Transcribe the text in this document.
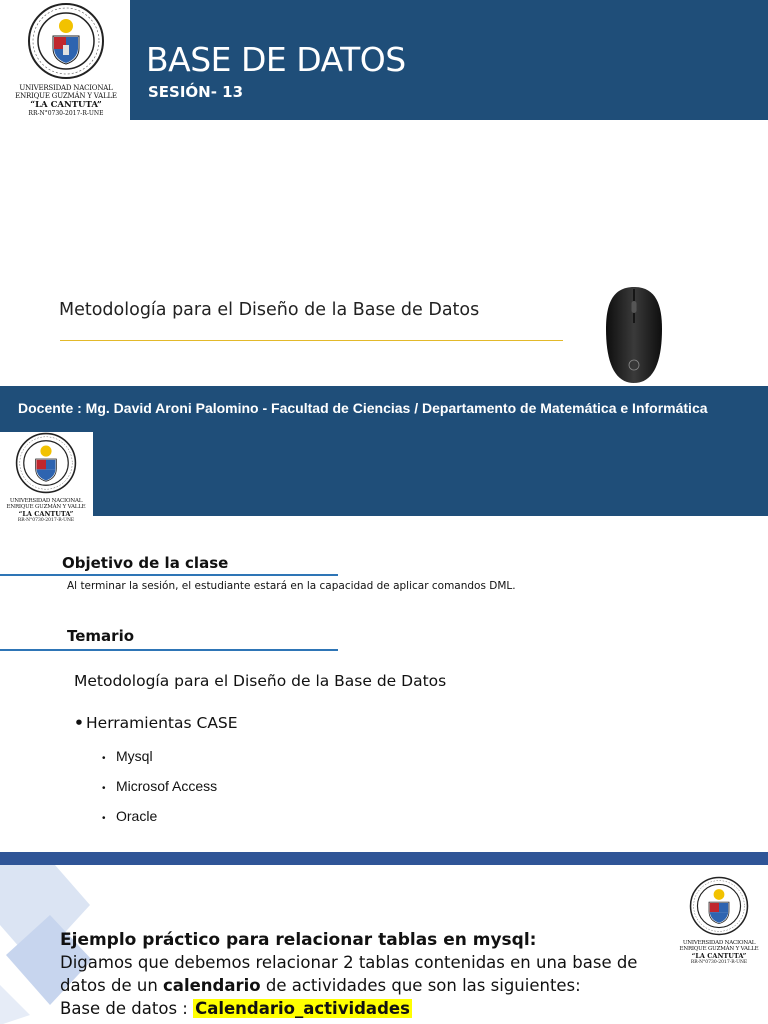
UNIVERSIDAD NACIONAL
ENRIQUE GUZMÁN Y VALLE
“LA CANTUTA”
RR-N°0730-2017-R-UNE
BASE DE DATOS
SESIÓN- 13
Metodología para el Diseño de la Base de Datos
Docente : Mg. David Aroni Palomino - Facultad de Ciencias / Departamento de Matemática e Informática
UNIVERSIDAD NACIONAL
ENRIQUE GUZMÁN Y VALLE
“LA CANTUTA”
RR-N°0730-2017-R-UNE
Objetivo de la clase
Al terminar la sesión, el estudiante estará en la capacidad de aplicar comandos DML.
Temario
Metodología para el Diseño de la Base de Datos
• Herramientas CASE
• Mysql
• Microsof Access
• Oracle
UNIVERSIDAD NACIONAL
ENRIQUE GUZMÁN Y VALLE
“LA CANTUTA”
RR-N°0730-2017-R-UNE
Ejemplo práctico para relacionar tablas en mysql:
Digamos que debemos relacionar 2 tablas contenidas en una base de
datos de un calendario de actividades que son las siguientes:
Base de datos : Calendario_actividades
